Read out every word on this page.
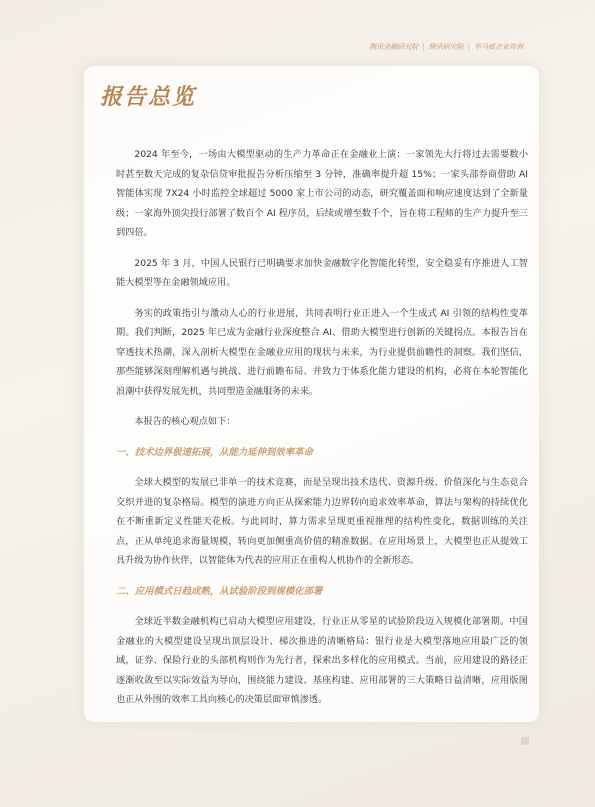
腾讯金融研究院 | 腾讯研究院 | 毕马威企业咨询
报告总览

2024 年至今，一场由大模型驱动的生产力革命正在金融业上演：一家领先大行将过去需要数小时甚至数天完成的复杂信贷审批报告分析压缩至 3 分钟，准确率提升超 15%；一家头部券商借助 AI 智能体实现 7X24 小时监控全球超过 5000 家上市公司的动态，研究覆盖面和响应速度达到了全新量级；一家海外顶尖投行部署了数百个 AI 程序员，后续或增至数千个，旨在将工程师的生产力提升至三到四倍。

2025 年 3 月，中国人民银行已明确要求加快金融数字化智能化转型，安全稳妥有序推进人工智能大模型等在金融领域应用。

务实的政策指引与激动人心的行业进展，共同表明行业正进入一个生成式 AI 引领的结构性变革期。我们判断，2025 年已成为金融行业深度整合 AI、借助大模型进行创新的关键拐点。本报告旨在穿透技术热潮，深入剖析大模型在金融业应用的现状与未来，为行业提供前瞻性的洞察。我们坚信，那些能够深刻理解机遇与挑战、进行前瞻布局、并致力于体系化能力建设的机构，必将在本轮智能化浪潮中获得发展先机，共同塑造金融服务的未来。

本报告的核心观点如下：

一、技术边界极速拓展，从能力延伸到效率革命

全球大模型的发展已非单一的技术竞赛，而是呈现出技术迭代、资源升级、价值深化与生态竞合交织并进的复杂格局。模型的演进方向正从探索能力边界转向追求效率革命，算法与架构的持续优化在不断重新定义性能天花板。与此同时，算力需求呈现更重视推理的结构性变化，数据训练的关注点，正从单纯追求海量规模，转向更加侧重高价值的精准数据。在应用场景上，大模型也正从提效工具升级为协作伙伴，以智能体为代表的应用正在重构人机协作的全新形态。

二、应用模式日趋成熟，从试验阶段到规模化部署

全球近半数金融机构已启动大模型应用建设，行业正从零星的试验阶段迈入规模化部署期。中国金融业的大模型建设呈现出顶层设计、梯次推进的清晰格局：银行业是大模型落地应用最广泛的领域，证券、保险行业的头部机构则作为先行者，探索出多样化的应用模式。当前，应用建设的路径正逐渐收敛至以实际效益为导向，围绕能力建设、基座构建、应用部署的三大策略日益清晰，应用版图也正从外围的效率工具向核心的决策层面审慎渗透。
